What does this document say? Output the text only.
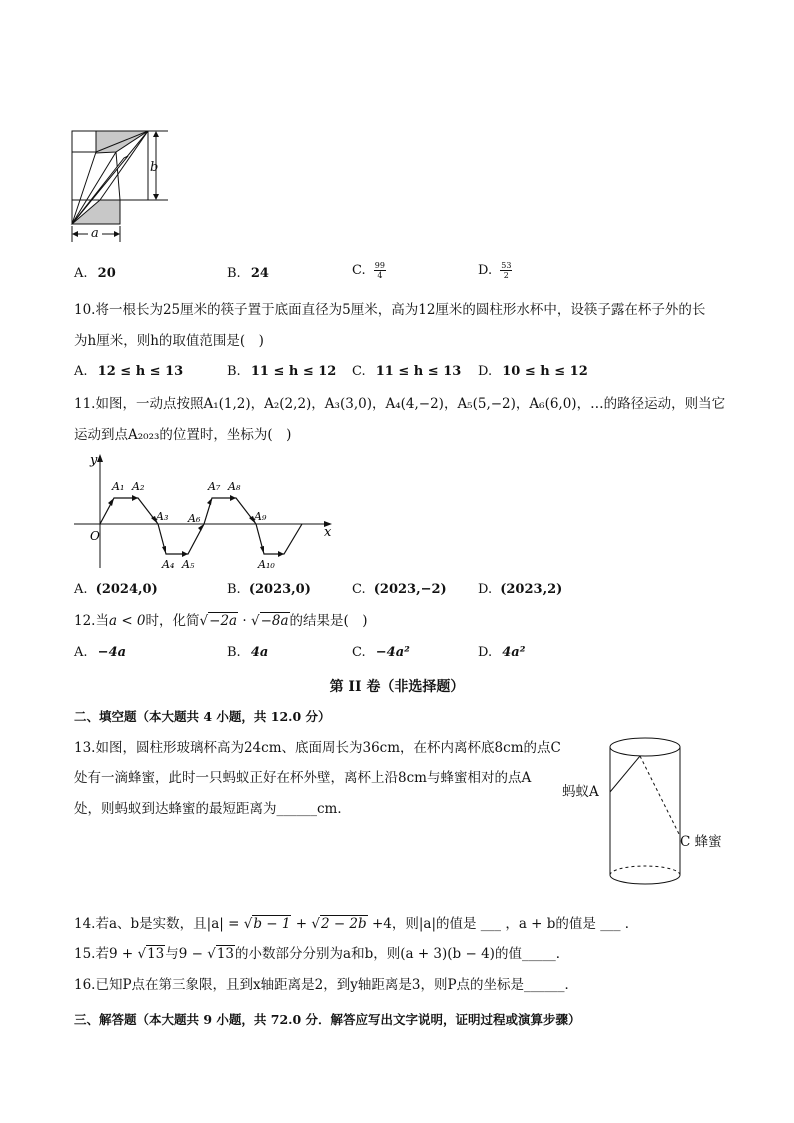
b
a
A. 20	B. 24	C. $\frac{99}{4}$	D. $\frac{53}{2}$
10.将一根长为25厘米的筷子置于底面直径为5厘米，高为12厘米的圆柱形水杯中，设筷子露在杯子外的长
为h厘米，则h的取值范围是(　)
A. 12 ≤ h ≤ 13	B. 11 ≤ h ≤ 12 C. 11 ≤ h ≤ 13 D. 10 ≤ h ≤ 12
11.如图，一动点按照A₁(1,2)，A₂(2,2)，A₃(3,0)，A₄(4,−2)，A₅(5,−2)，A₆(6,0)，…的路径运动，则当它
运动到点A₂₀₂₃的位置时，坐标为(　)
y
x
O
A₁ A₂
A₃
A₄ A₅
A₆
A₇ A₈
A₉
A₁₀
A. (2024,0)	B. (2023,0)	C. (2023,−2) D. (2023,2)
12.当a < 0时，化简√−2a · √−8a的结果是(　)
A. −4a	B. 4a	C. −4a²	D. 4a²
第 II 卷（非选择题）
二、填空题（本大题共 4 小题，共 12.0 分）
13.如图，圆柱形玻璃杯高为24cm、底面周长为36cm，在杯内离杯底8cm的点C
处有一滴蜂蜜，此时一只蚂蚁正好在杯外壁，离杯上沿8cm与蜂蜜相对的点A
处，则蚂蚁到达蜂蜜的最短距离为______cm．
蚂蚁A
C 蜂蜜
14.若a、b是实数，且|a| = √b − 1 + √2 − 2b +4，则|a|的值是 ___ ，a + b的值是 ___ ．
15.若9 + √13与9 − √13的小数部分分别为a和b，则(a + 3)(b − 4)的值_____．
16.已知P点在第三象限，且到x轴距离是2，到y轴距离是3，则P点的坐标是______．
三、解答题（本大题共 9 小题，共 72.0 分．解答应写出文字说明，证明过程或演算步骤）
